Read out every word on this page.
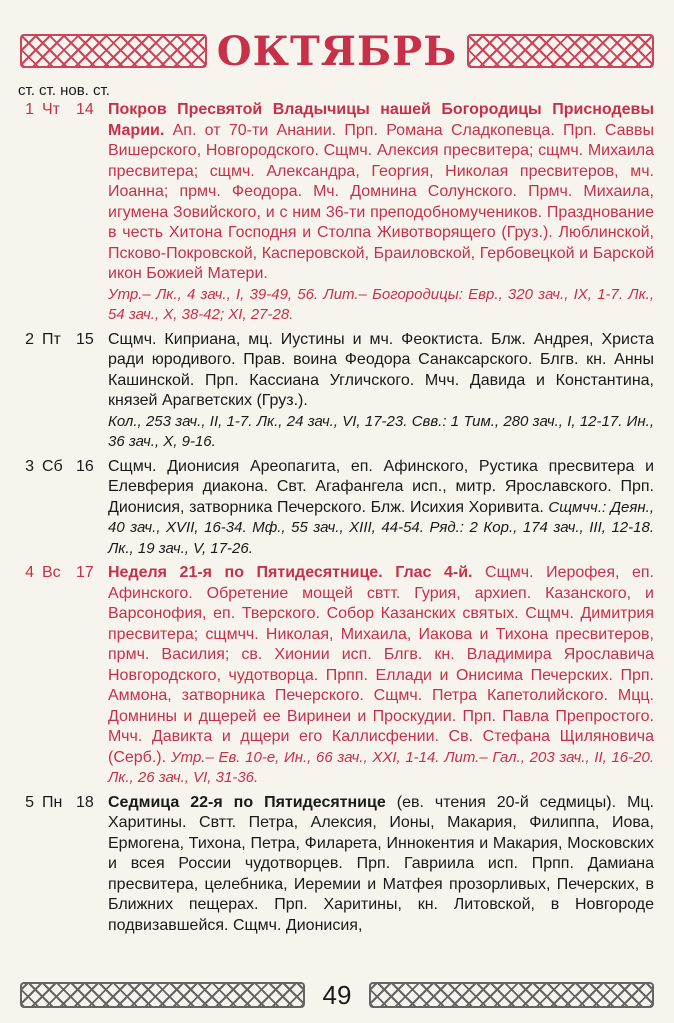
ОКТЯБРЬ
ст. ст. нов. ст.
1 Чт	14 Покров Пресвятой Владычицы нашей Богородицы Приснодевы Марии. Ап. от 70-ти Анании. Прп. Романа Сладкопевца. Прп. Саввы Вишерского, Новгородского. Сщмч. Алексия пресвитера; сщмч. Михаила пресвитера; сщмч. Александра, Георгия, Николая пресвитеров, мч. Иоанна; прмч. Феодора. Мч. Домнина Солунского. Прмч. Михаила, игумена Зовийского, и с ним 36-ти преподобномучеников. Празднование в честь Хитона Господня и Столпа Животворящего (Груз.). Люблинской, Псково-Покровской, Касперовской, Браиловской, Гербовецкой и Барской икон Божией Матери.
Утр.– Лк., 4 зач., I, 39-49, 56. Лит.– Богородицы: Евр., 320 зач., IX, 1-7. Лк., 54 зач., X, 38-42; XI, 27-28.
2 Пт 15 Сщмч. Киприана, мц. Иустины и мч. Феоктиста. Блж. Андрея, Христа ради юродивого. Прав. воина Феодора Санаксарского. Блгв. кн. Анны Кашинской. Прп. Кассиана Угличского. Мчч. Давида и Константина, князей Арагветских (Груз.).
Кол., 253 зач., II, 1-7. Лк., 24 зач., VI, 17-23. Свв.: 1 Тим., 280 зач., I, 12-17. Ин., 36 зач., X, 9-16.
3 Сб 16 Сщмч. Дионисия Ареопагита, еп. Афинского, Рустика пресвитера и Елевферия диакона. Свт. Агафангела исп., митр. Ярославского. Прп. Дионисия, затворника Печерского. Блж. Исихия Хоривита. Сщмчч.: Деян., 40 зач., XVII, 16-34. Мф., 55 зач., XIII, 44-54. Ряд.: 2 Кор., 174 зач., III, 12-18. Лк., 19 зач., V, 17-26.
4 Вс 17 Неделя 21-я по Пятидесятнице. Глас 4-й. Сщмч. Иерофея, еп. Афинского. Обретение мощей свтт. Гурия, архиеп. Казанского, и Варсонофия, еп. Тверского. Собор Казанских святых. Сщмч. Димитрия пресвитера; сщмчч. Николая, Михаила, Иакова и Тихона пресвитеров, прмч. Василия; св. Хионии исп. Блгв. кн. Владимира Ярославича Новгородского, чудотворца. Прпп. Еллади и Онисима Печерских. Прп. Аммона, затворника Печерского. Сщмч. Петра Капетолийского. Мцц. Домнины и дщерей ее Виринеи и Проскудии. Прп. Павла Препростого. Мчч. Давикта и дщери его Каллисфении. Св. Стефана Щиляновича (Серб.). Утр.– Ев. 10-е, Ин., 66 зач., XXI, 1-14. Лит.– Гал., 203 зач., II, 16-20. Лк., 26 зач., VI, 31-36.
5 Пн 18 Седмица 22-я по Пятидесятнице (ев. чтения 20-й седмицы). Мц. Харитины. Свтт. Петра, Алексия, Ионы, Макария, Филиппа, Иова, Ермогена, Тихона, Петра, Филарета, Иннокентия и Макария, Московских и всея России чудотворцев. Прп. Гавриила исп. Прпп. Дамиана пресвитера, целебника, Иеремии и Матфея прозорливых, Печерских, в Ближних пещерах. Прп. Харитины, кн. Литовской, в Новгороде подвизавшейся. Сщмч. Дионисия,
49
